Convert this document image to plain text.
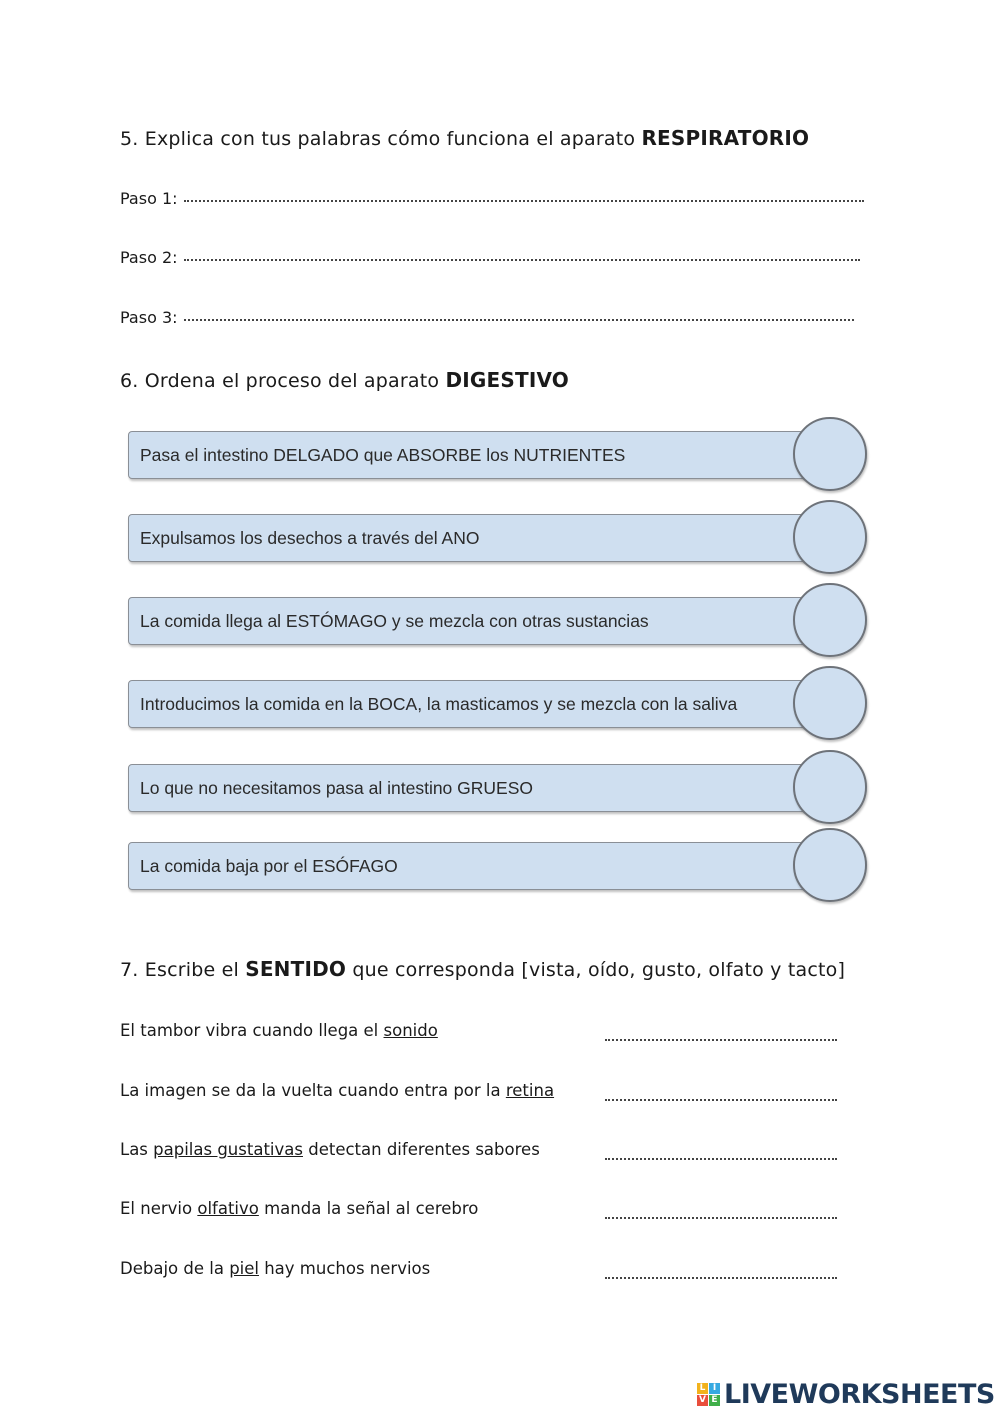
5. Explica con tus palabras cómo funciona el aparato RESPIRATORIO
Paso 1:
Paso 2:
Paso 3:
6. Ordena el proceso del aparato DIGESTIVO
Pasa el intestino DELGADO que ABSORBE los NUTRIENTES
Expulsamos los desechos a través del ANO
La comida llega al ESTÓMAGO y se mezcla con otras sustancias
Introducimos la comida en la BOCA, la masticamos y se mezcla con la saliva
Lo que no necesitamos pasa al intestino GRUESO
La comida baja por el ESÓFAGO
7. Escribe el SENTIDO que corresponda [vista, oído, gusto, olfato y tacto]
El tambor vibra cuando llega el sonido
La imagen se da la vuelta cuando entra por la retina
Las papilas gustativas detectan diferentes sabores
El nervio olfativo manda la señal al cerebro
Debajo de la piel hay muchos nervios
L I
V E LIVEWORKSHEETS
